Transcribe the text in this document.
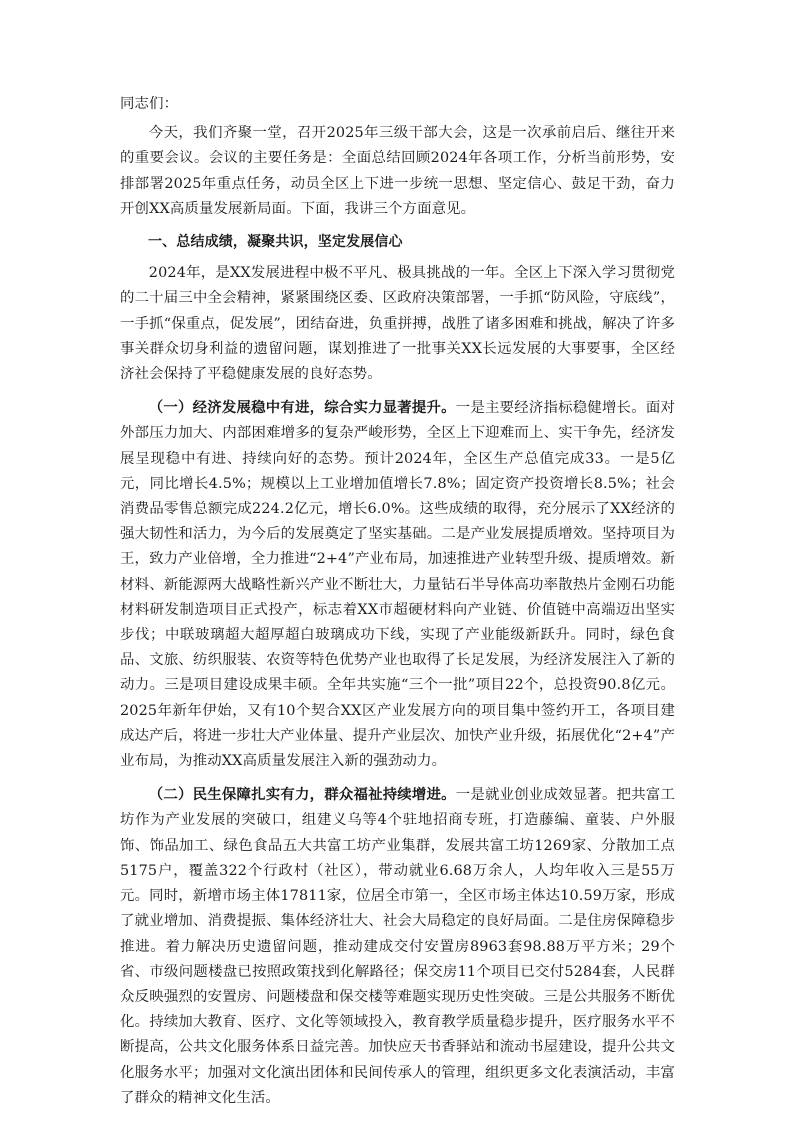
同志们：

今天，我们齐聚一堂，召开2025年三级干部大会，这是一次承前启后、继往开来的重要会议。会议的主要任务是：全面总结回顾2024年各项工作，分析当前形势，安排部署2025年重点任务，动员全区上下进一步统一思想、坚定信心、鼓足干劲，奋力开创XX高质量发展新局面。下面，我讲三个方面意见。

一、总结成绩，凝聚共识，坚定发展信心

2024年，是XX发展进程中极不平凡、极具挑战的一年。全区上下深入学习贯彻党的二十届三中全会精神，紧紧围绕区委、区政府决策部署，一手抓“防风险，守底线”，一手抓“保重点，促发展”，团结奋进，负重拼搏，战胜了诸多困难和挑战，解决了许多事关群众切身利益的遗留问题，谋划推进了一批事关XX长远发展的大事要事，全区经济社会保持了平稳健康发展的良好态势。

（一）经济发展稳中有进，综合实力显著提升。一是主要经济指标稳健增长。面对外部压力加大、内部困难增多的复杂严峻形势，全区上下迎难而上、实干争先，经济发展呈现稳中有进、持续向好的态势。预计2024年，全区生产总值完成33。一是5亿元，同比增长4.5%；规模以上工业增加值增长7.8%；固定资产投资增长8.5%；社会消费品零售总额完成224.2亿元，增长6.0%。这些成绩的取得，充分展示了XX经济的强大韧性和活力，为今后的发展奠定了坚实基础。二是产业发展提质增效。坚持项目为王，致力产业倍增，全力推进“2+4”产业布局，加速推进产业转型升级、提质增效。新材料、新能源两大战略性新兴产业不断壮大，力量钻石半导体高功率散热片金刚石功能材料研发制造项目正式投产，标志着XX市超硬材料向产业链、价值链中高端迈出坚实步伐；中联玻璃超大超厚超白玻璃成功下线，实现了产业能级新跃升。同时，绿色食品、文旅、纺织服装、农资等特色优势产业也取得了长足发展，为经济发展注入了新的动力。三是项目建设成果丰硕。全年共实施“三个一批”项目22个，总投资90.8亿元。2025年新年伊始，又有10个契合XX区产业发展方向的项目集中签约开工，各项目建成达产后，将进一步壮大产业体量、提升产业层次、加快产业升级，拓展优化“2+4”产业布局，为推动XX高质量发展注入新的强劲动力。

（二）民生保障扎实有力，群众福祉持续增进。一是就业创业成效显著。把共富工坊作为产业发展的突破口，组建义乌等4个驻地招商专班，打造藤编、童装、户外服饰、饰品加工、绿色食品五大共富工坊产业集群，发展共富工坊1269家、分散加工点5175户，覆盖322个行政村（社区），带动就业6.68万余人，人均年收入三是55万元。同时，新增市场主体17811家，位居全市第一，全区市场主体达10.59万家，形成了就业增加、消费提振、集体经济壮大、社会大局稳定的良好局面。二是住房保障稳步推进。着力解决历史遗留问题，推动建成交付安置房8963套98.88万平方米；29个省、市级问题楼盘已按照政策找到化解路径；保交房11个项目已交付5284套，人民群众反映强烈的安置房、问题楼盘和保交楼等难题实现历史性突破。三是公共服务不断优化。持续加大教育、医疗、文化等领域投入，教育教学质量稳步提升，医疗服务水平不断提高，公共文化服务体系日益完善。加快应天书香驿站和流动书屋建设，提升公共文化服务水平；加强对文化演出团体和民间传承人的管理，组织更多文化表演活动，丰富了群众的精神文化生活。
